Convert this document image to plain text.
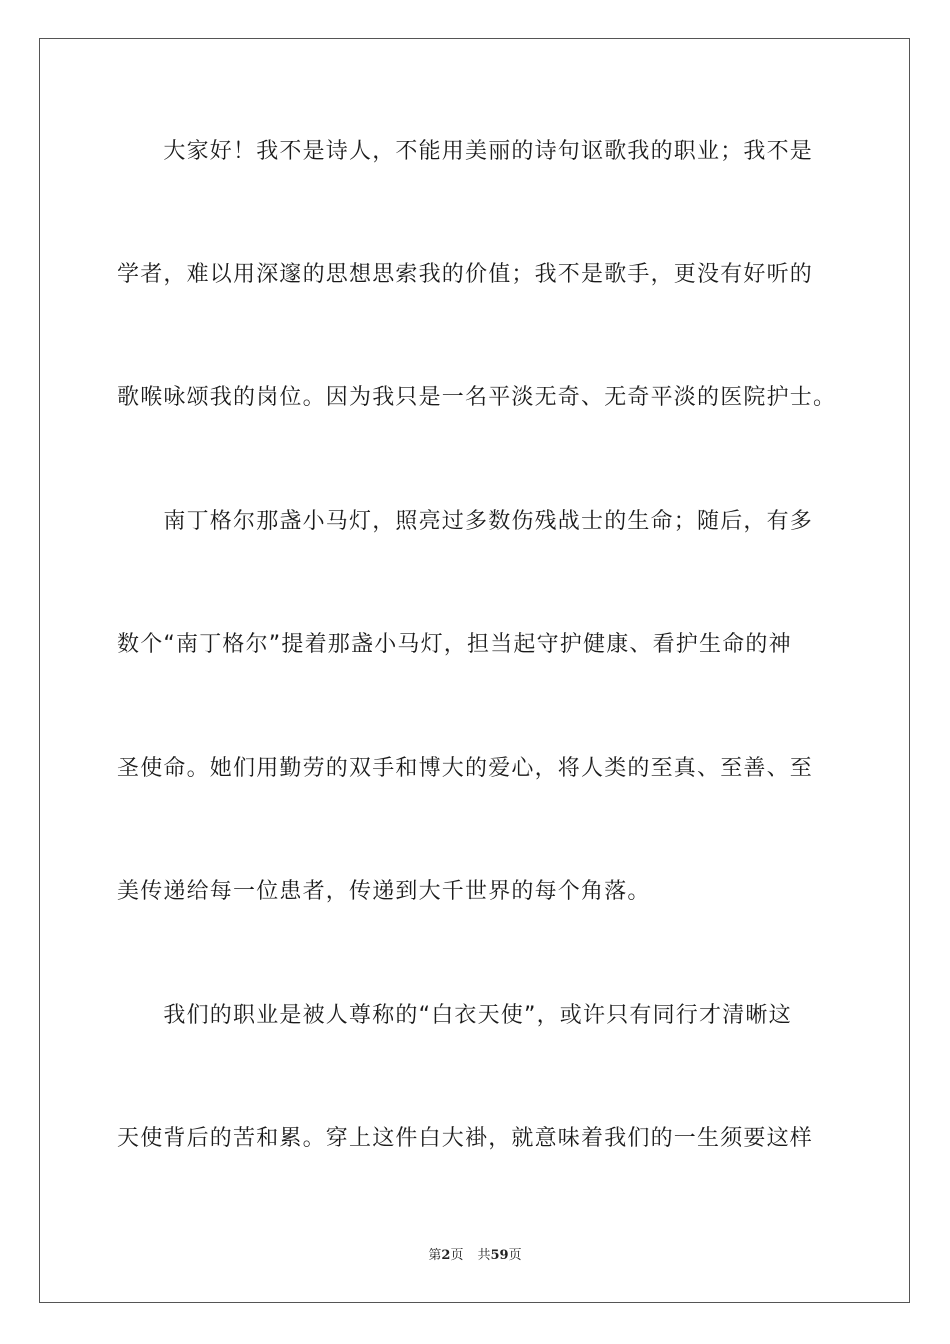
　　大家好！我不是诗人，不能用美丽的诗句讴歌我的职业；我不是
学者，难以用深邃的思想思索我的价值；我不是歌手，更没有好听的
歌喉咏颂我的岗位。因为我只是一名平淡无奇、无奇平淡的医院护士。
　　南丁格尔那盏小马灯，照亮过多数伤残战士的生命；随后，有多
数个“南丁格尔”提着那盏小马灯，担当起守护健康、看护生命的神
圣使命。她们用勤劳的双手和博大的爱心，将人类的至真、至善、至
美传递给每一位患者，传递到大千世界的每个角落。
　　我们的职业是被人尊称的“白衣天使”，或许只有同行才清晰这
天使背后的苦和累。穿上这件白大褂，就意味着我们的一生须要这样
第2页 共59页
